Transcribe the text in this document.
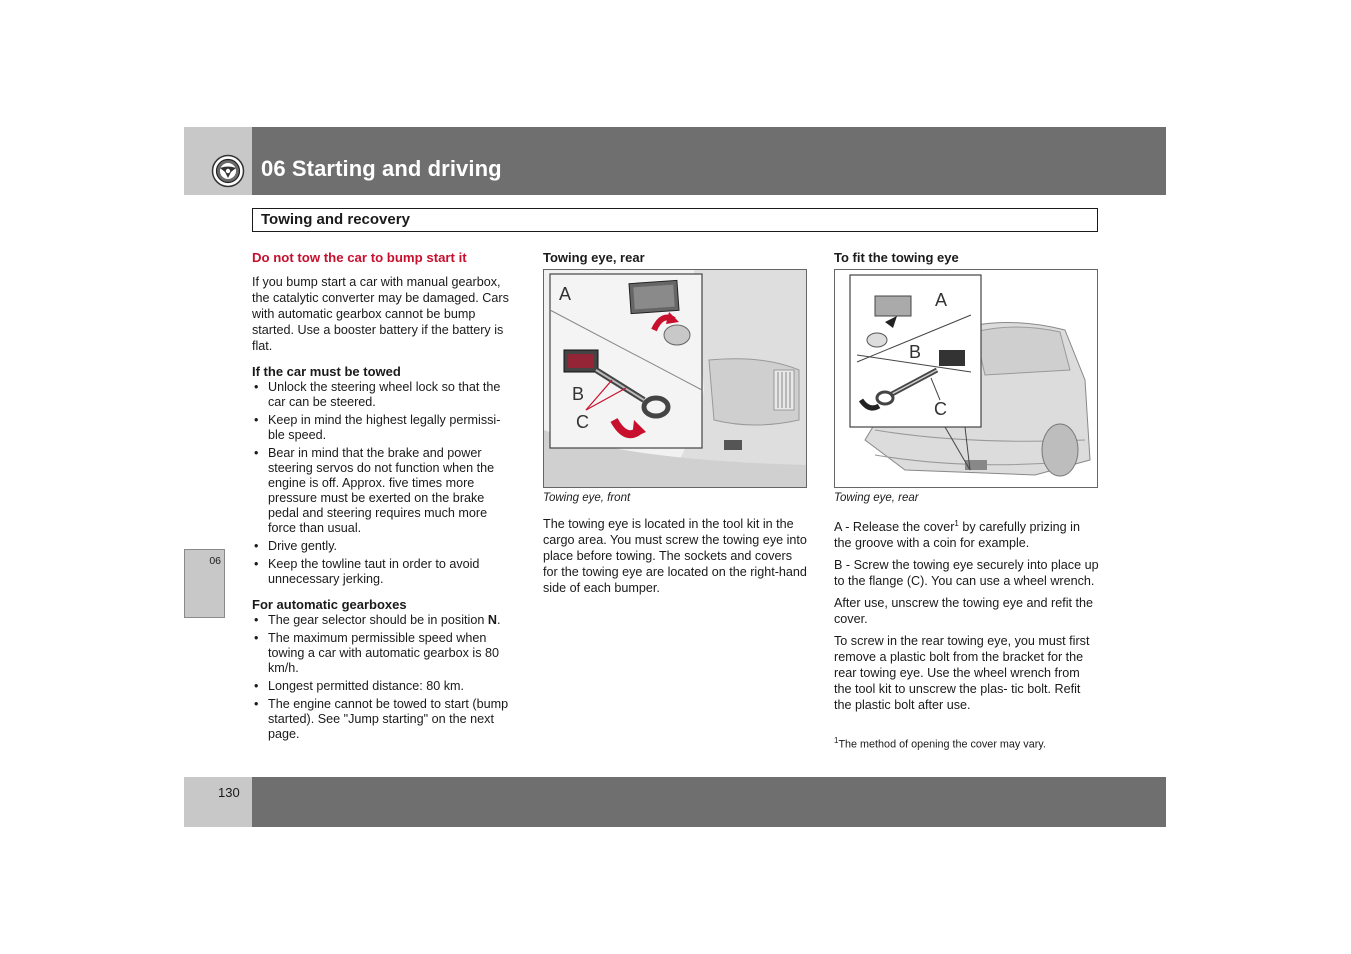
06 Starting and driving
Towing and recovery
Do not tow the car to bump start it

If you bump start a car with manual gearbox, the catalytic converter may be damaged. Cars with automatic gearbox cannot be bump started. Use a booster battery if the battery is flat.

If the car must be towed
• Unlock the steering wheel lock so that the car can be steered.
• Keep in mind the highest legally permissi- ble speed.
• Bear in mind that the brake and power steering servos do not function when the engine is off. Approx. five times more pressure must be exerted on the brake pedal and steering requires much more force than usual.
• Drive gently.
• Keep the towline taut in order to avoid unnecessary jerking.
For automatic gearboxes
• The gear selector should be in position N.
• The maximum permissible speed when towing a car with automatic gearbox is 80 km/h.
• Longest permitted distance: 80 km.
• The engine cannot be towed to start (bump started). See "Jump starting" on the next page.
Towing eye, rear
A
B
C
Towing eye, front

The towing eye is located in the tool kit in the cargo area. You must screw the towing eye into place before towing. The sockets and covers for the towing eye are located on the right-hand side of each bumper.

To fit the towing eye
A
B
C
Towing eye, rear

A - Release the cover$^1$ by carefully prizing in the groove with a coin for example.

B - Screw the towing eye securely into place up to the flange (C). You can use a wheel wrench.

After use, unscrew the towing eye and refit the cover.

To screw in the rear towing eye, you must first remove a plastic bolt from the bracket for the rear towing eye. Use the wheel wrench from the tool kit to unscrew the plas- tic bolt. Refit the plastic bolt after use.

$^1$The method of opening the cover may vary.
06
130
